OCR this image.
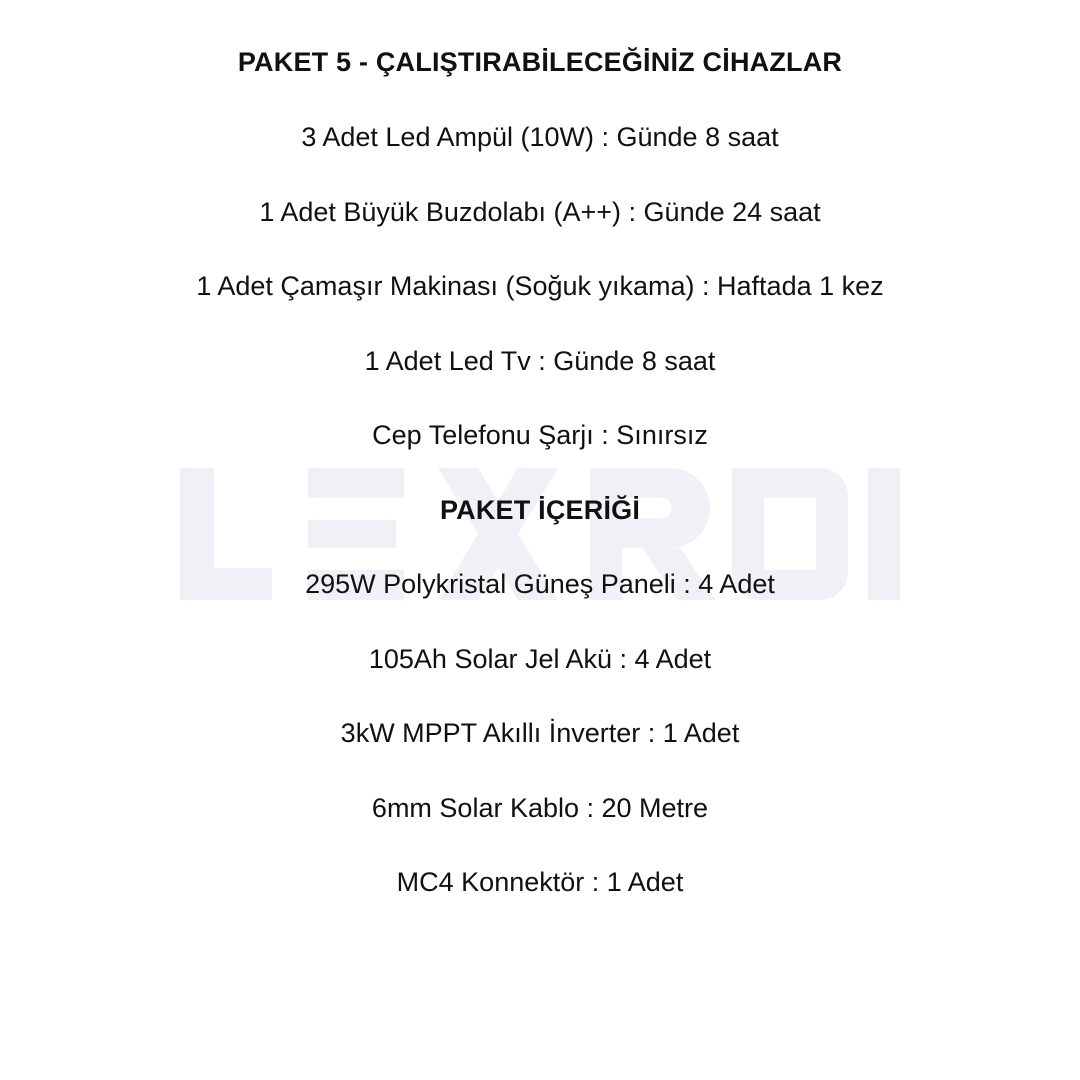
PAKET 5 - ÇALIŞTIRABİLECEĞİNİZ CİHAZLAR
3 Adet Led Ampül (10W) : Günde 8 saat
1 Adet Büyük Buzdolabı (A++) : Günde 24 saat
1 Adet Çamaşır Makinası (Soğuk yıkama) : Haftada 1 kez
1 Adet Led Tv : Günde 8 saat
Cep Telefonu Şarjı : Sınırsız
PAKET İÇERİĞİ
295W Polykristal Güneş Paneli : 4 Adet
105Ah Solar Jel Akü : 4 Adet
3kW MPPT Akıllı İnverter : 1 Adet
6mm Solar Kablo : 20 Metre
MC4 Konnektör : 1 Adet
